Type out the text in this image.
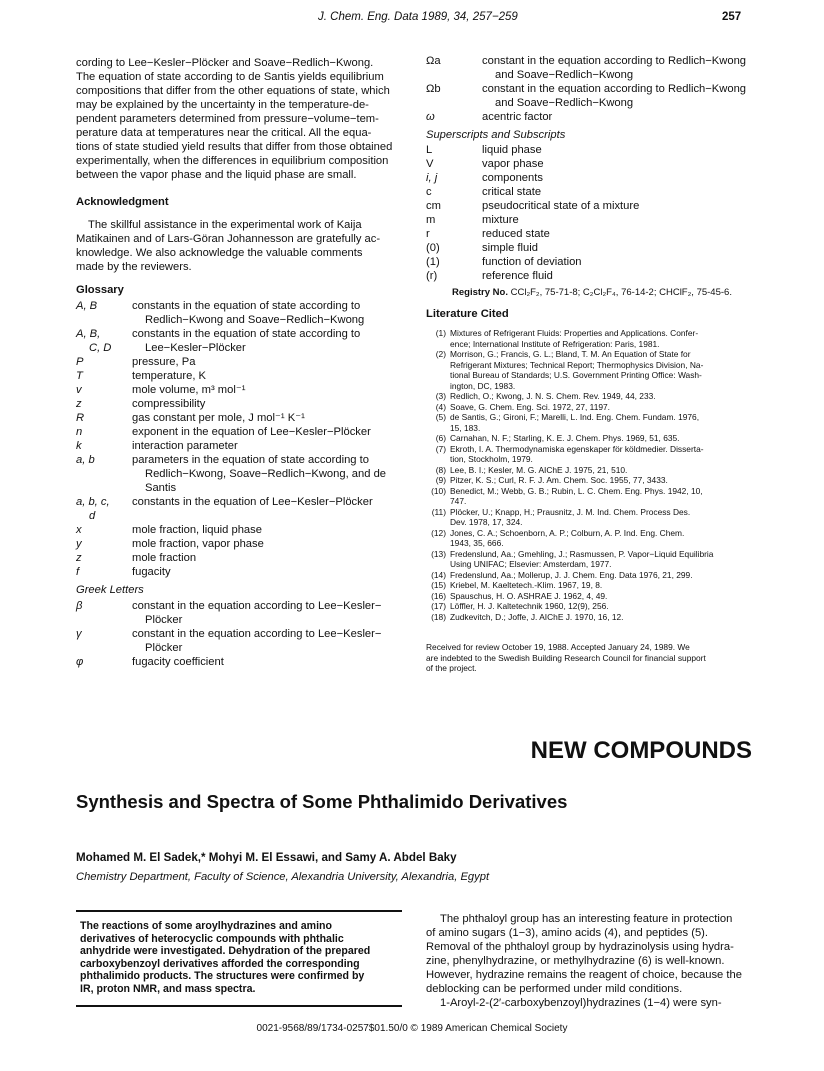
J. Chem. Eng. Data 1989, 34, 257−259	257
cording to Lee−Kesler−Plöcker and Soave−Redlich−Kwong.
The equation of state according to de Santis yields equilibrium
compositions that differ from the other equations of state, which
may be explained by the uncertainty in the temperature-de-
pendent parameters determined from pressure−volume−tem-
perature data at temperatures near the critical. All the equa-
tions of state studied yield results that differ from those obtained
experimentally, when the differences in equilibrium composition
between the vapor phase and the liquid phase are small.
Acknowledgment
The skillful assistance in the experimental work of Kaija
Matikainen and of Lars-Göran Johannesson are gratefully ac-
knowledge. We also acknowledge the valuable comments
made by the reviewers.
Glossary
A, B	constants in the equation of state according to
Redlich−Kwong and Soave−Redlich−Kwong
A, B,	constants in the equation of state according to
C, D	Lee−Kesler−Plöcker
P	pressure, Pa
T	temperature, K
v	mole volume, m³ mol⁻¹
z	compressibility
R	gas constant per mole, J mol⁻¹ K⁻¹
n	exponent in the equation of Lee−Kesler−Plöcker
k	interaction parameter
a, b	parameters in the equation of state according to
Redlich−Kwong, Soave−Redlich−Kwong, and de
Santis
a, b, c,	constants in the equation of Lee−Kesler−Plöcker
d
x	mole fraction, liquid phase
y	mole fraction, vapor phase
z	mole fraction
f	fugacity
Greek Letters
β	constant in the equation according to Lee−Kesler−
Plöcker
γ	constant in the equation according to Lee−Kesler−
Plöcker
φ	fugacity coefficient
Ωa	constant in the equation according to Redlich−Kwong
and Soave−Redlich−Kwong
Ωb	constant in the equation according to Redlich−Kwong
and Soave−Redlich−Kwong
ω	acentric factor
Superscripts and Subscripts
L	liquid phase
V	vapor phase
i, j	components
c	critical state
cm	pseudocritical state of a mixture
m	mixture
r	reduced state
(0)	simple fluid
(1)	function of deviation
(r)	reference fluid
Registry No. CCl₂F₂, 75-71-8; C₂Cl₂F₄, 76-14-2; CHClF₂, 75-45-6.
Literature Cited
(1) Mixtures of Refrigerant Fluids: Properties and Applications. Confer-
ence; International Institute of Refrigeration: Paris, 1981.
(2) Morrison, G.; Francis, G. L.; Bland, T. M. An Equation of State for
Refrigerant Mixtures; Technical Report; Thermophysics Division, Na-
tional Bureau of Standards; U.S. Government Printing Office: Wash-
ington, DC, 1983.
(3) Redlich, O.; Kwong, J. N. S. Chem. Rev. 1949, 44, 233.
(4) Soave, G. Chem. Eng. Sci. 1972, 27, 1197.
(5) de Santis, G.; Gironi, F.; Marelli, L. Ind. Eng. Chem. Fundam. 1976,
15, 183.
(6) Carnahan, N. F.; Starling, K. E. J. Chem. Phys. 1969, 51, 635.
(7) Ekroth, I. A. Thermodynamiska egenskaper för köldmedier. Disserta-
tion, Stockholm, 1979.
(8) Lee, B. I.; Kesler, M. G. AIChE J. 1975, 21, 510.
(9) Pitzer, K. S.; Curl, R. F. J. Am. Chem. Soc. 1955, 77, 3433.
(10) Benedict, M.; Webb, G. B.; Rubin, L. C. Chem. Eng. Phys. 1942, 10,
747.
(11) Plöcker, U.; Knapp, H.; Prausnitz, J. M. Ind. Chem. Process Des.
Dev. 1978, 17, 324.
(12) Jones, C. A.; Schoenborn, A. P.; Colburn, A. P. Ind. Eng. Chem.
1943, 35, 666.
(13) Fredenslund, Aa.; Gmehling, J.; Rasmussen, P. Vapor−Liquid Equilibria
Using UNIFAC; Elsevier: Amsterdam, 1977.
(14) Fredenslund, Aa.; Mollerup, J. J. Chem. Eng. Data 1976, 21, 299.
(15) Kriebel, M. Kaeltetech.-Klim. 1967, 19, 8.
(16) Spauschus, H. O. ASHRAE J. 1962, 4, 49.
(17) Löffler, H. J. Kaltetechnik 1960, 12(9), 256.
(18) Zudkevitch, D.; Joffe, J. AIChE J. 1970, 16, 12.
Received for review October 19, 1988. Accepted January 24, 1989. We
are indebted to the Swedish Building Research Council for financial support
of the project.
NEW COMPOUNDS
Synthesis and Spectra of Some Phthalimido Derivatives
Mohamed M. El Sadek,* Mohyi M. El Essawi, and Samy A. Abdel Baky
Chemistry Department, Faculty of Science, Alexandria University, Alexandria, Egypt
The reactions of some aroylhydrazines and amino
derivatives of heterocyclic compounds with phthalic
anhydride were investigated. Dehydration of the prepared
carboxybenzoyl derivatives afforded the corresponding
phthalimido products. The structures were confirmed by
IR, proton NMR, and mass spectra.
The phthaloyl group has an interesting feature in protection
of amino sugars (1−3), amino acids (4), and peptides (5).
Removal of the phthaloyl group by hydrazinolysis using hydra-
zine, phenylhydrazine, or methylhydrazine (6) is well-known.
However, hydrazine remains the reagent of choice, because the
deblocking can be performed under mild conditions.
1-Aroyl-2-(2′-carboxybenzoyl)hydrazines (1−4) were syn-
0021-9568/89/1734-0257$01.50/0 © 1989 American Chemical Society
